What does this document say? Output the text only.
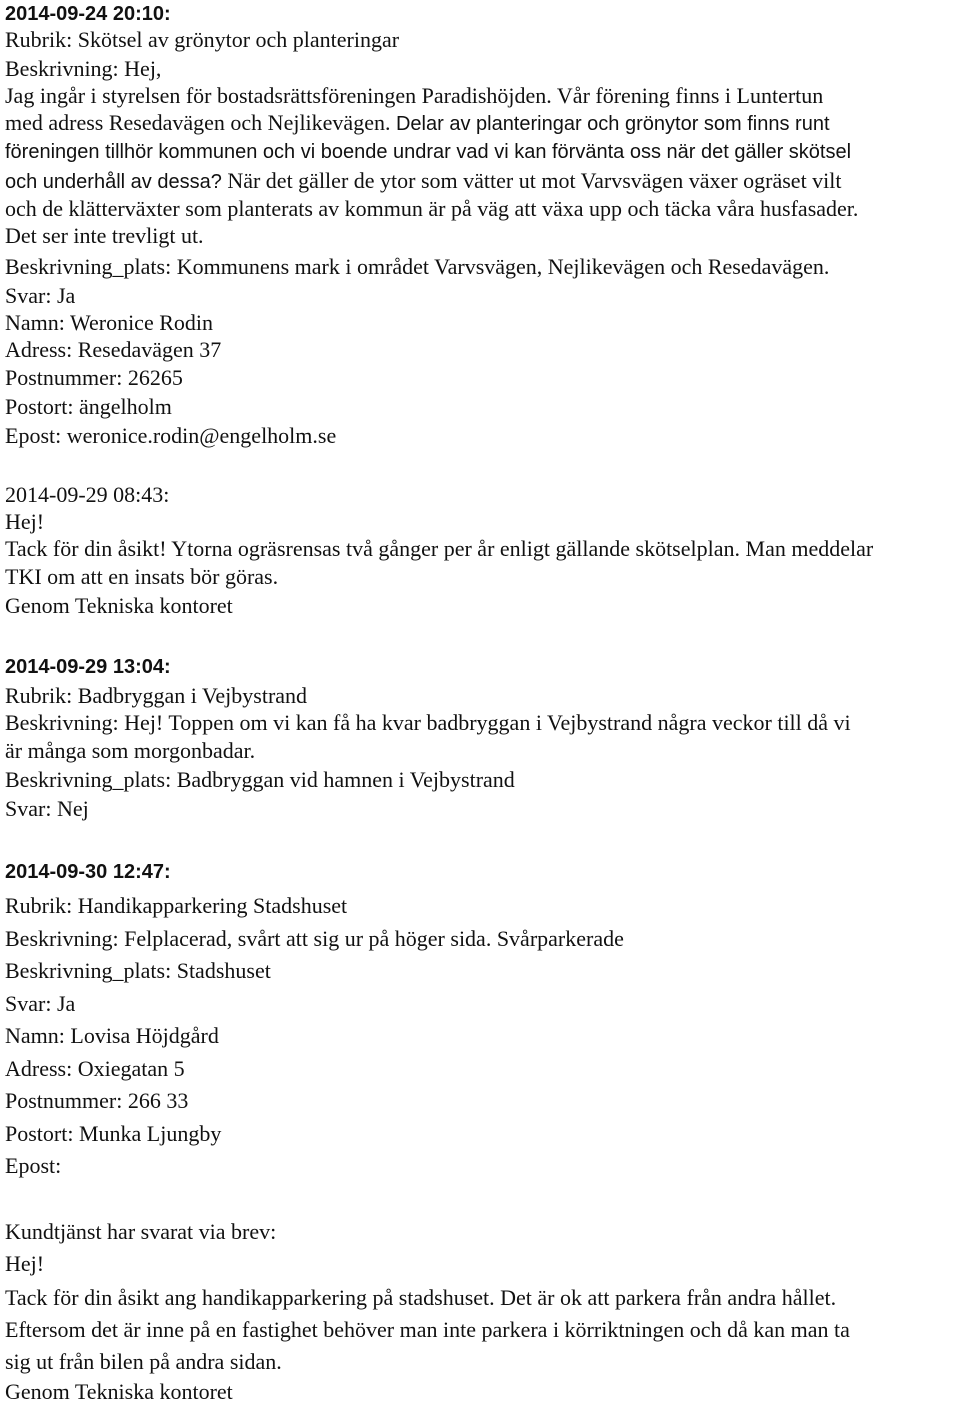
2014-09-24 20:10:
Rubrik: Skötsel av grönytor och planteringar
Beskrivning: Hej,
Jag ingår i styrelsen för bostadsrättsföreningen Paradishöjden. Vår förening finns i Luntertun
med adress Resedavägen och Nejlikevägen. Delar av planteringar och grönytor som finns runt
föreningen tillhör kommunen och vi boende undrar vad vi kan förvänta oss när det gäller skötsel
och underhåll av dessa? När det gäller de ytor som vätter ut mot Varvsvägen växer ogräset vilt
och de klätterväxter som planterats av kommun är på väg att växa upp och täcka våra husfasader.
Det ser inte trevligt ut.
Beskrivning_plats: Kommunens mark i området Varvsvägen, Nejlikevägen och Resedavägen.
Svar: Ja
Namn: Weronice Rodin
Adress: Resedavägen 37
Postnummer: 26265
Postort: ängelholm
Epost: weronice.rodin@engelholm.se
2014-09-29 08:43:
Hej!
Tack för din åsikt! Ytorna ogräsrensas två gånger per år enligt gällande skötselplan. Man meddelar
TKI om att en insats bör göras.
Genom Tekniska kontoret
2014-09-29 13:04:
Rubrik: Badbryggan i Vejbystrand
Beskrivning: Hej! Toppen om vi kan få ha kvar badbryggan i Vejbystrand några veckor till då vi
är många som morgonbadar.
Beskrivning_plats: Badbryggan vid hamnen i Vejbystrand
Svar: Nej
2014-09-30 12:47:
Rubrik: Handikapparkering Stadshuset
Beskrivning: Felplacerad, svårt att sig ur på höger sida. Svårparkerade
Beskrivning_plats: Stadshuset
Svar: Ja
Namn: Lovisa Höjdgård
Adress: Oxiegatan 5
Postnummer: 266 33
Postort: Munka Ljungby
Epost:
Kundtjänst har svarat via brev:
Hej!
Tack för din åsikt ang handikapparkering på stadshuset. Det är ok att parkera från andra hållet.
Eftersom det är inne på en fastighet behöver man inte parkera i körriktningen och då kan man ta
sig ut från bilen på andra sidan.
Genom Tekniska kontoret
